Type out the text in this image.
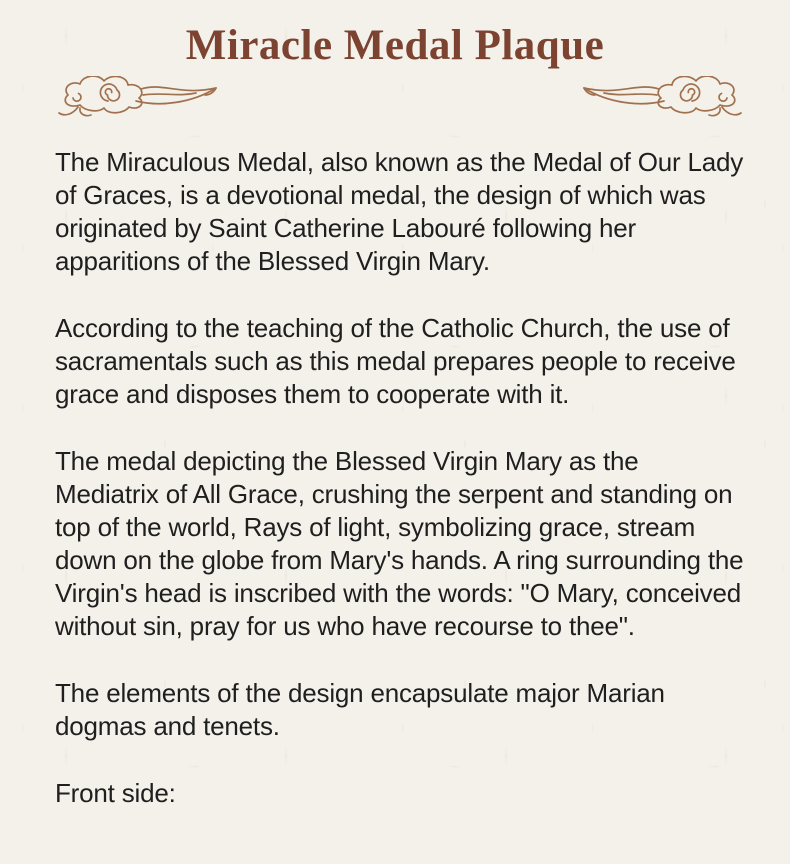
Miracle Medal Plaque

The Miraculous Medal, also known as the Medal of Our Lady of Graces, is a devotional medal, the design of which was originated by Saint Catherine Labouré following her apparitions of the Blessed Virgin Mary.

According to the teaching of the Catholic Church, the use of sacramentals such as this medal prepares people to receive grace and disposes them to cooperate with it.

The medal depicting the Blessed Virgin Mary as the Mediatrix of All Grace, crushing the serpent and standing on top of the world, Rays of light, symbolizing grace, stream down on the globe from Mary's hands. A ring surrounding the Virgin's head is inscribed with the words: "O Mary, conceived without sin, pray for us who have recourse to thee".

The elements of the design encapsulate major Marian dogmas and tenets.

Front side:
